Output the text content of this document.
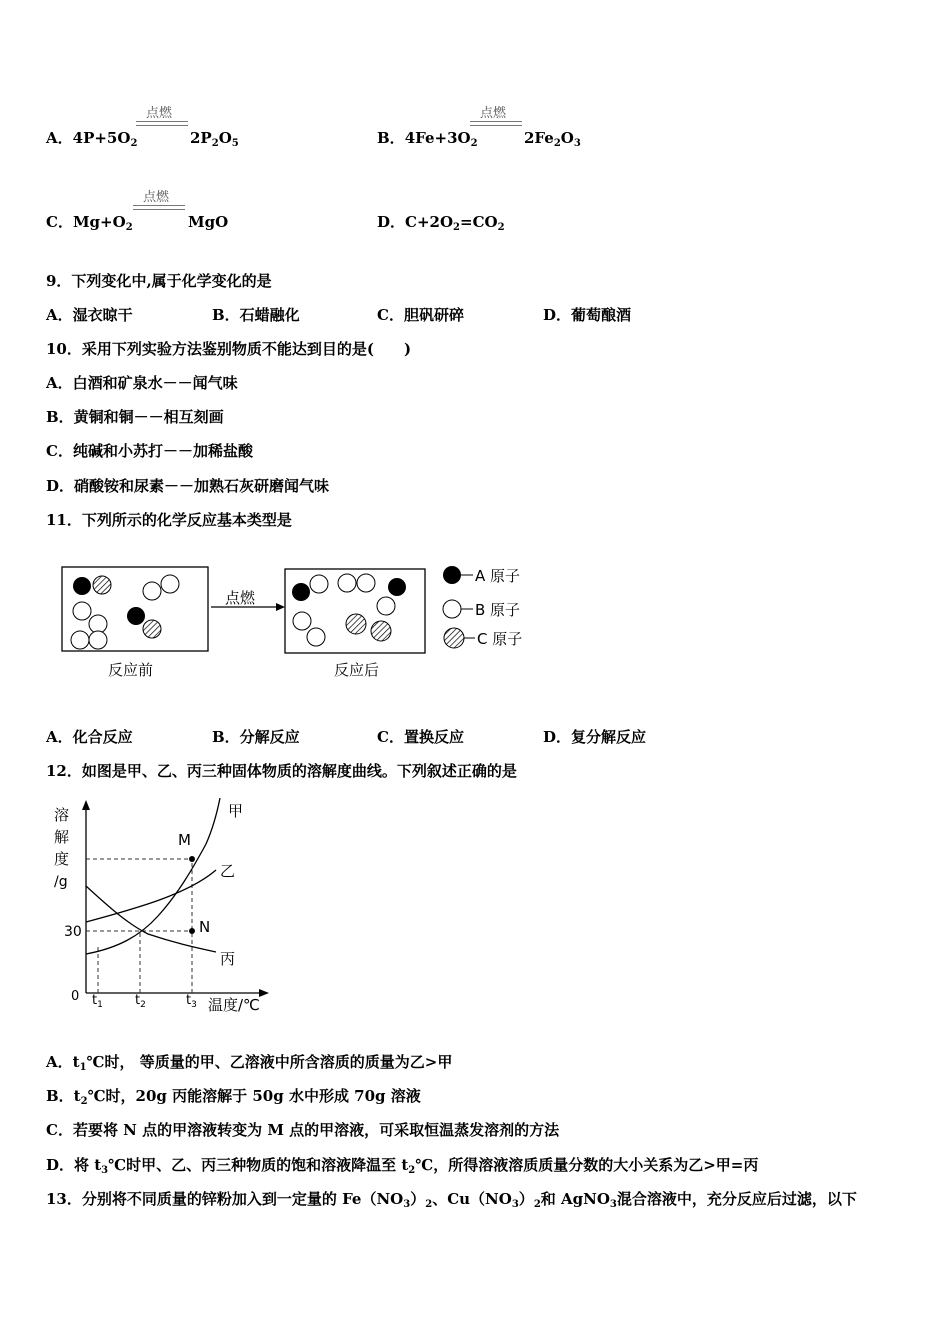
点燃
A．$4P+5O_2$	$2P_2O_5$
点燃
B．$4Fe+3O_2$	$2Fe_2O_3$
点燃
C．$Mg+O_2$	MgO	D．$C+2O_2=CO_2$
9．下列变化中,属于化学变化的是
A．湿衣晾干	B．石蜡融化	C．胆矾研碎	D．葡萄酿酒
10．采用下列实验方法鉴别物质不能达到目的是(　　)
A．白酒和矿泉水－－闻气味
B．黄铜和铜－－相互刻画
C．纯碱和小苏打－－加稀盐酸
D．硝酸铵和尿素－－加熟石灰研磨闻气味
11．下列所示的化学反应基本类型是
点燃
反应前	反应后
A 原子
B 原子
C 原子
A．化合反应	B．分解反应	C．置换反应	D．复分解反应
12．如图是甲、乙、丙三种固体物质的溶解度曲线。下列叙述正确的是
溶
解
度
/g
M
N
甲
乙
丙
30
0 $t_1$ $t_2$	$t_3$ 温度/℃
A．$t_1℃$时， 等质量的甲、乙溶液中所含溶质的质量为乙>甲
B．$t_2℃$时，20g 丙能溶解于 50g 水中形成 70g 溶液
C．若要将 N 点的甲溶液转变为 M 点的甲溶液，可采取恒温蒸发溶剂的方法
D．将 $t_3℃$时甲、乙、丙三种物质的饱和溶液降温至 $t_2℃$，所得溶液溶质质量分数的大小关系为乙>甲=丙
13．分别将不同质量的锌粉加入到一定量的 $Fe(NO_3)_2$、$Cu(NO_3)_2$和 AgNO$_3$混合溶液中，充分反应后过滤，以下
